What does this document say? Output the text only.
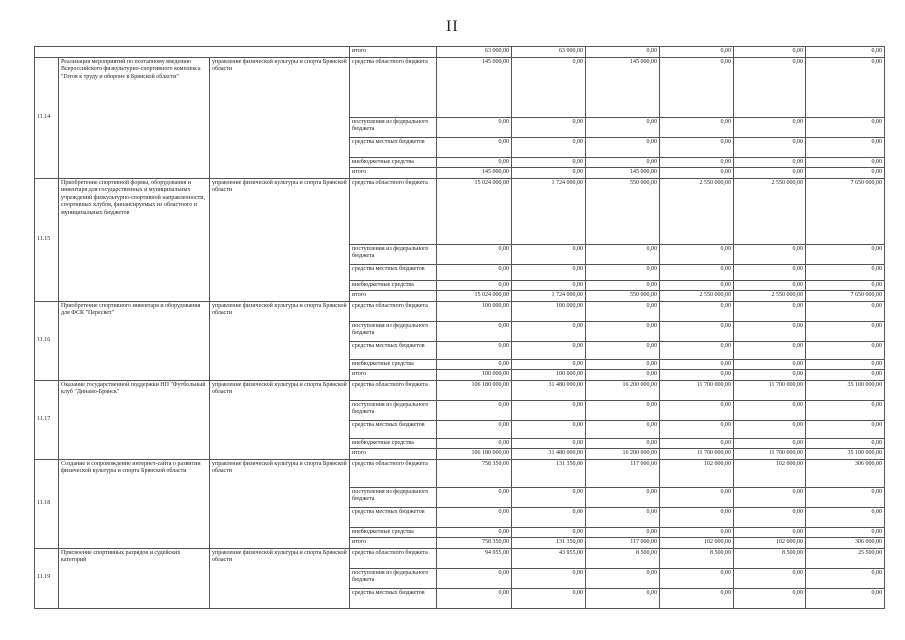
II
			итого	63 000,00	63 000,00	0,00	0,00	0,00	0,00
11.14	Реализация мероприятий по поэтапному введению Всероссийского физкультурно-спортивного комплекса "Готов к труду и обороне в Брянской области"	управление физической культуры и спорта Брянской области	средства областного бюджета	145 000,00	0,00	145 000,00	0,00	0,00	0,00
			поступления из федерального бюджета	0,00	0,00	0,00	0,00	0,00	0,00
			средства местных бюджетов	0,00	0,00	0,00	0,00	0,00	0,00
			внебюджетные средства	0,00	0,00	0,00	0,00	0,00	0,00
			итого	145 000,00	0,00	145 000,00	0,00	0,00	0,00
11.15	Приобретение спортивной формы, оборудования и инвентаря для государственных и муниципальных учреждений физкультурно-спортивной направленности, спортивных клубов, финансируемых из областного и муниципальных бюджетов	управление физической культуры и спорта Брянской области	средства областного бюджета	15 024 000,00	1 724 000,00	550 000,00	2 550 000,00	2 550 000,00	7 650 000,00
			поступления из федерального бюджета	0,00	0,00	0,00	0,00	0,00	0,00
			средства местных бюджетов	0,00	0,00	0,00	0,00	0,00	0,00
			внебюджетные средства	0,00	0,00	0,00	0,00	0,00	0,00
			итого	15 024 000,00	1 724 000,00	550 000,00	2 550 000,00	2 550 000,00	7 650 000,00
11.16	Приобретение спортивного инвентаря и оборудования для ФСК "Пересвет"	управление физической культуры и спорта Брянской области	средства областного бюджета	100 000,00	100 000,00	0,00	0,00	0,00	0,00
			поступления из федерального бюджета	0,00	0,00	0,00	0,00	0,00	0,00
			средства местных бюджетов	0,00	0,00	0,00	0,00	0,00	0,00
			внебюджетные средства	0,00	0,00	0,00	0,00	0,00	0,00
			итого	100 000,00	100 000,00	0,00	0,00	0,00	0,00
11.17	Оказание государственной поддержки НП "Футбольный клуб "Динамо-Брянск"	управление физической культуры и спорта Брянской области	средства областного бюджета	106 180 000,00	31 480 000,00	16 200 000,00	11 700 000,00	11 700 000,00	35 100 000,00
			поступления из федерального бюджета	0,00	0,00	0,00	0,00	0,00	0,00
			средства местных бюджетов	0,00	0,00	0,00	0,00	0,00	0,00
			внебюджетные средства	0,00	0,00	0,00	0,00	0,00	0,00
			итого	106 180 000,00	31 480 000,00	16 200 000,00	11 700 000,00	11 700 000,00	35 100 000,00
11.18	Создание и сопровождение интернет-сайта о развитии физической культуры и спорта Брянской области	управление физической культуры и спорта Брянской области	средства областного бюджета	758 350,00	131 350,00	117 000,00	102 000,00	102 000,00	306 000,00
			поступления из федерального бюджета	0,00	0,00	0,00	0,00	0,00	0,00
			средства местных бюджетов	0,00	0,00	0,00	0,00	0,00	0,00
			внебюджетные средства	0,00	0,00	0,00	0,00	0,00	0,00
			итого	758 350,00	131 350,00	117 000,00	102 000,00	102 000,00	306 000,00
11.19	Присвоение спортивных разрядов и судейских категорий	управление физической культуры и спорта Брянской области	средства областного бюджета	94 955,00	43 955,00	8 500,00	8 500,00	8 500,00	25 500,00
			поступления из федерального бюджета	0,00	0,00	0,00	0,00	0,00	0,00
			средства местных бюджетов	0,00	0,00	0,00	0,00	0,00	0,00
